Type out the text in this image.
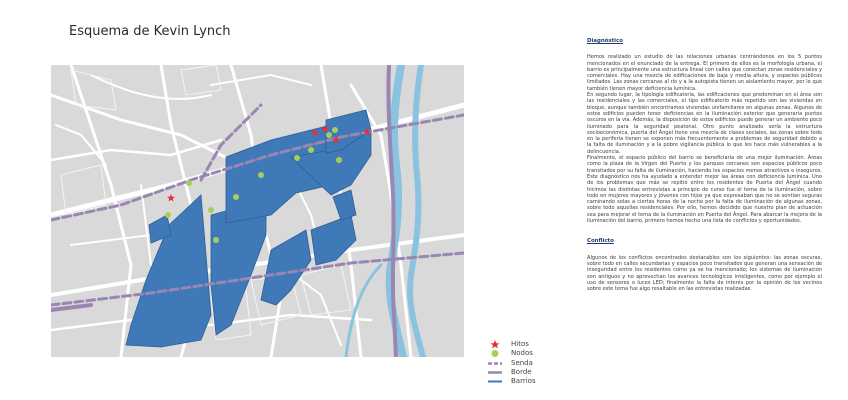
Esquema de Kevin Lynch
Hitos
Nodos
Senda
Borde
Barrios
Diagnóstico

Hemos realizado un estudio de las relaciones urbanas centrándonos en los 5 puntos mencionados en el enunciado de la entrega. El primero de ellos es la morfología urbana, el barrio es principalmente una estructura lineal con calles que conectan zonas residenciales y comerciales. Hay una mezcla de edificaciones de baja y media altura, y espacios públicos limitados. Las zonas cercanas al río y a la autopista tienen un aislamiento mayor, por lo que también tienen mayor deficiencia lumínica.

En segundo lugar, la tipología edificatoria, las edificaciones que predominan en el área son las residenciales y las comerciales, el tipo edificatorio más repetido son las viviendas en bloque, aunque también encontramos viviendas unifamiliares en algunas zonas. Algunos de estos edificios pueden tener deficiencias en la iluminación exterior que generaría puntos oscuros en la vía. Además, la disposición de estos edificios puede generar un ambiente poco iluminado para la seguridad peatonal. Otro punto analizado sería la estructura socioeconómica, puerta del Ángel tiene una mezcla de clases sociales, las zonas sobre todo en la periferia tienen se exponen más frecuentemente a problemas de seguridad debido a la falta de iluminación y a la pobre vigilancia pública lo que les hace más vulnerables a la delincuencia.

Finalmente, el espacio público del barrio se beneficiaría de una mejor iluminación. Áreas como la plaza de la Virgen del Puerto y los parques cercanos son espacios públicos poco transitados por su falta de iluminación, haciendo los espacios menos atractivos e inseguros. Este diagnóstico nos ha ayudado a entender mejor las áreas con deficiencia lumínica. Uno de los problemas que más se repitió entre los residentes de Puerta del Ángel cuando hicimos las distintas entrevistas a principio de curso fue el tema de la iluminación, sobre todo en mujeres mayores y jóvenes con hijos ya que expresaban que no se sentían seguras caminando solas a ciertas horas de la noche por la falta de iluminación de algunas zonas, sobre todo aquellas residenciales. Por ello, hemos decidido que nuestro plan de actuación sea para mejorar el tema de la iluminación en Puerta del Ángel. Para abarcar la mejora de la iluminación del barrio, primero hemos hecho una lista de conflictos y oportunidades.

Conflicto

Algunos de los conflictos encontrados destacables son los siguientes: las zonas oscuras, sobre todo en calles secundarias y espacios poco transitados que generan una sensación de inseguridad entre los residentes como ya se ha mencionado; los sistemas de iluminación son antiguos y no aprovechan los avances tecnológicos inteligentes, como por ejemplo el uso de sensores o luces LED; finalmente la falta de interés por la opinión de los vecinos sobre este tema fue algo resaltable en las entrevistas realizadas.
